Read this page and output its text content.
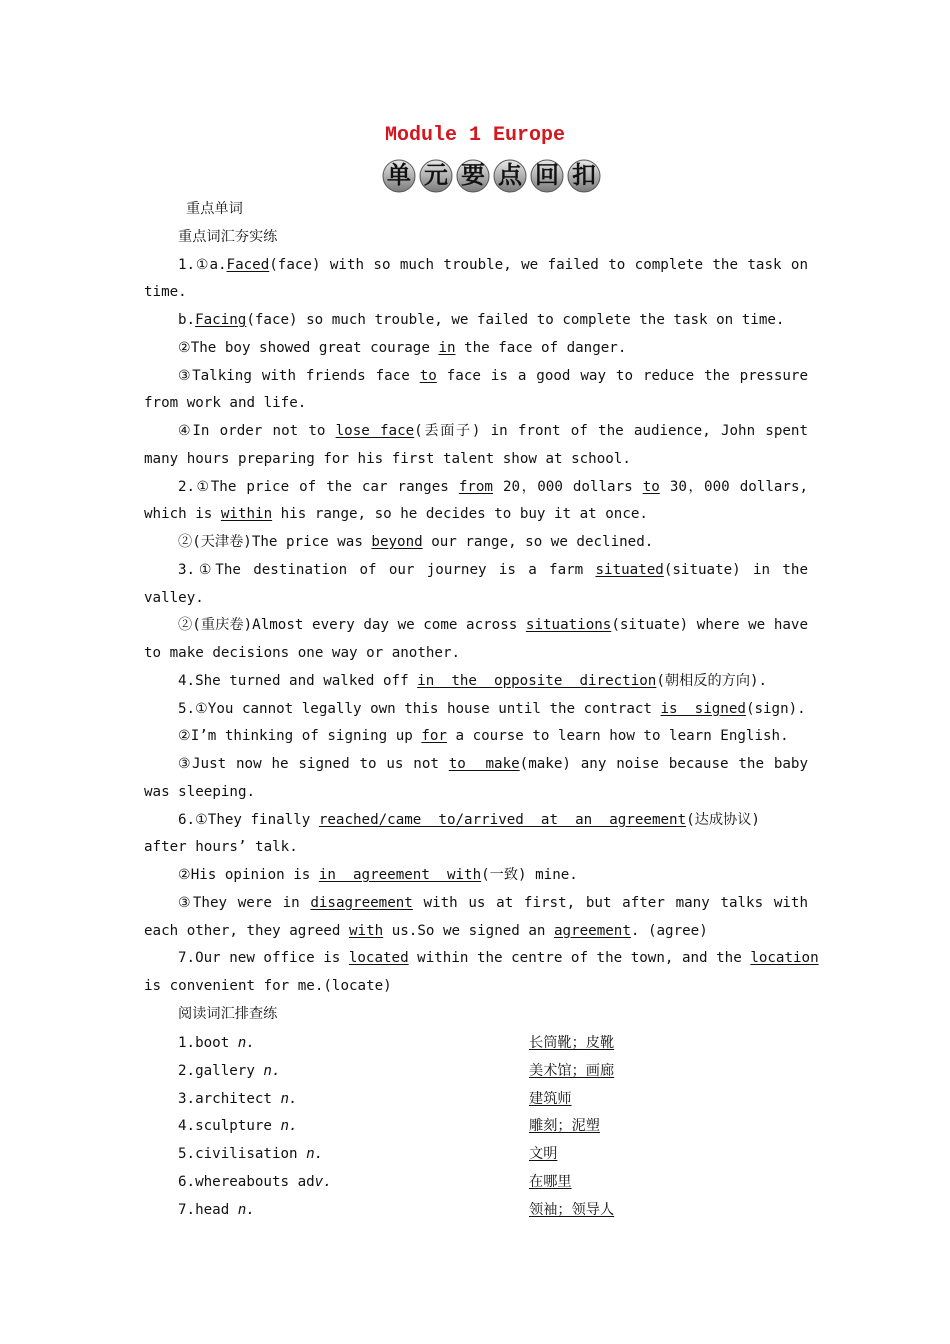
Module 1 Europe
单 元 要 点 回 扣

重点单词

重点词汇夯实练

1.①a.Faced(face) with so much trouble, we failed to complete the task on

time.

b.Facing(face) so much trouble, we failed to complete the task on time.

②The boy showed great courage in the face of danger.

③Talking with friends face to face is a good way to reduce the pressure

from work and life.

④In order not to lose face(丢面子) in front of the audience, John spent

many hours preparing for his first talent show at school.

2.①The price of the car ranges from 20，000 dollars to 30，000 dollars,

which is within his range, so he decides to buy it at once.

②(天津卷)The price was beyond our range, so we declined.

3.①The destination of our journey is a farm situated(situate) in the

valley.

②(重庆卷)Almost every day we come across situations(situate) where we have

to make decisions one way or another.

4.She turned and walked off in  the  opposite  direction(朝相反的方向).

5.①You cannot legally own this house until the contract is  signed(sign).

②I’m thinking of signing up for a course to learn how to learn English.

③Just now he signed to us not to  make(make) any noise because the baby

was sleeping.

6.①They finally reached/came  to/arrived  at  an  agreement(达成协议)

after hours’ talk.

②His opinion is in  agreement  with(一致) mine.

③They were in disagreement with us at first, but after many talks with

each other, they agreed with us.So we signed an agreement. (agree)

7.Our new office is located within the centre of the town, and the location

is convenient for me.(locate)

阅读词汇排查练

1.boot n.	长筒靴；皮靴
2.gallery n.	美术馆；画廊
3.architect n.	建筑师
4.sculpture n.	雕刻；泥塑
5.civilisation n.	文明
6.whereabouts adv.	在哪里
7.head n.	领袖；领导人
